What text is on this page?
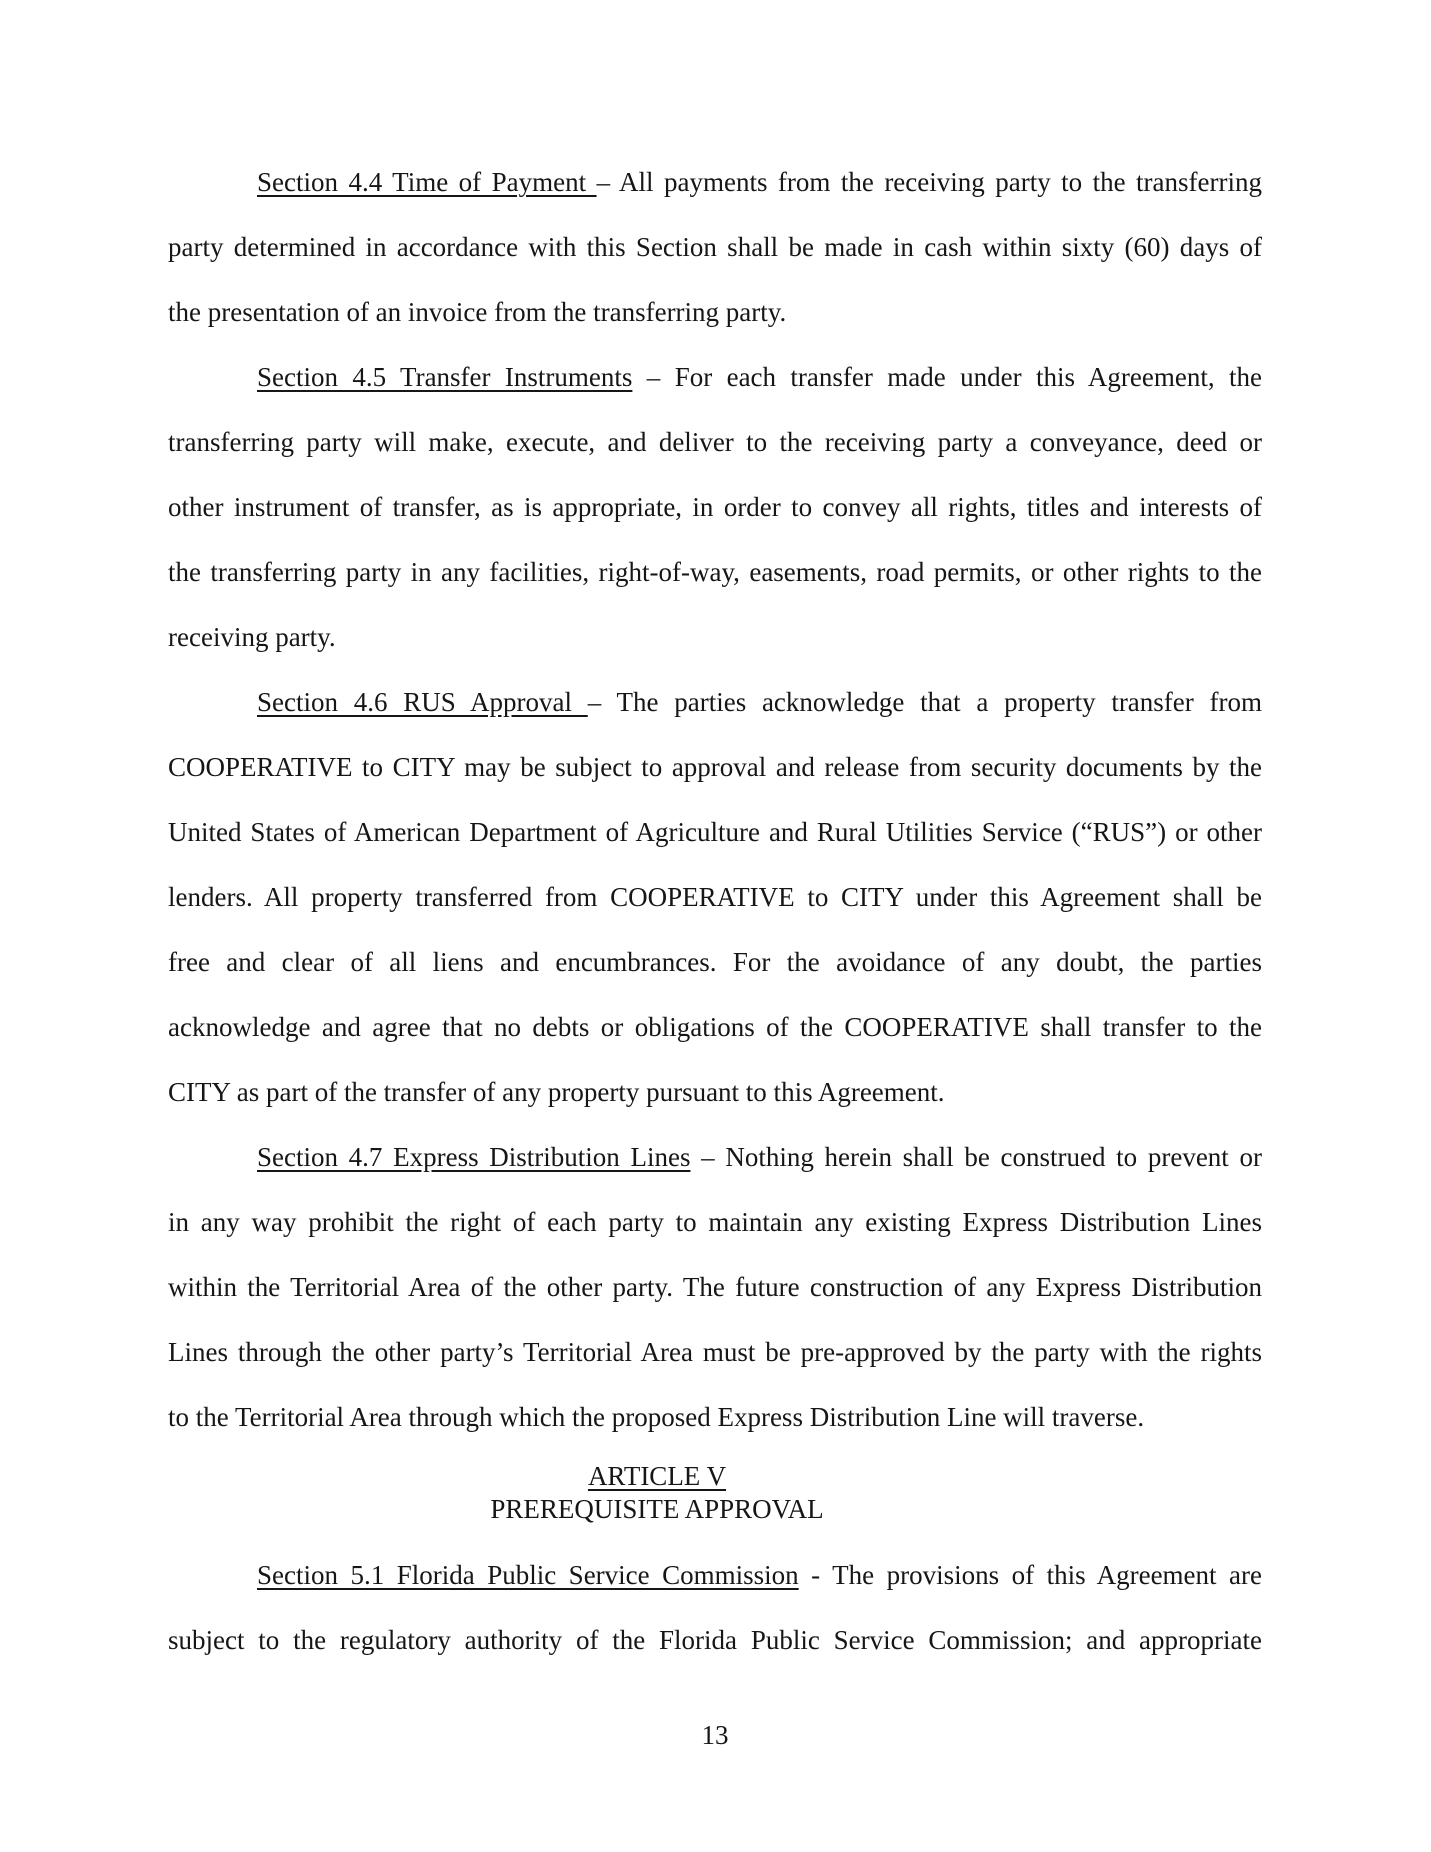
Section 4.4 Time of Payment – All payments from the receiving party to the transferring
party determined in accordance with this Section shall be made in cash within sixty (60) days of
the presentation of an invoice from the transferring party.
Section 4.5 Transfer Instruments – For each transfer made under this Agreement, the
transferring party will make, execute, and deliver to the receiving party a conveyance, deed or
other instrument of transfer, as is appropriate, in order to convey all rights, titles and interests of
the transferring party in any facilities, right-of-way, easements, road permits, or other rights to the
receiving party.
Section 4.6 RUS Approval – The parties acknowledge that a property transfer from
COOPERATIVE to CITY may be subject to approval and release from security documents by the
United States of American Department of Agriculture and Rural Utilities Service (“RUS”) or other
lenders. All property transferred from COOPERATIVE to CITY under this Agreement shall be
free and clear of all liens and encumbrances. For the avoidance of any doubt, the parties
acknowledge and agree that no debts or obligations of the COOPERATIVE shall transfer to the
CITY as part of the transfer of any property pursuant to this Agreement.
Section 4.7 Express Distribution Lines – Nothing herein shall be construed to prevent or
in any way prohibit the right of each party to maintain any existing Express Distribution Lines
within the Territorial Area of the other party. The future construction of any Express Distribution
Lines through the other party’s Territorial Area must be pre-approved by the party with the rights
to the Territorial Area through which the proposed Express Distribution Line will traverse.
ARTICLE V
PREREQUISITE APPROVAL
Section 5.1 Florida Public Service Commission - The provisions of this Agreement are
subject to the regulatory authority of the Florida Public Service Commission; and appropriate
13
